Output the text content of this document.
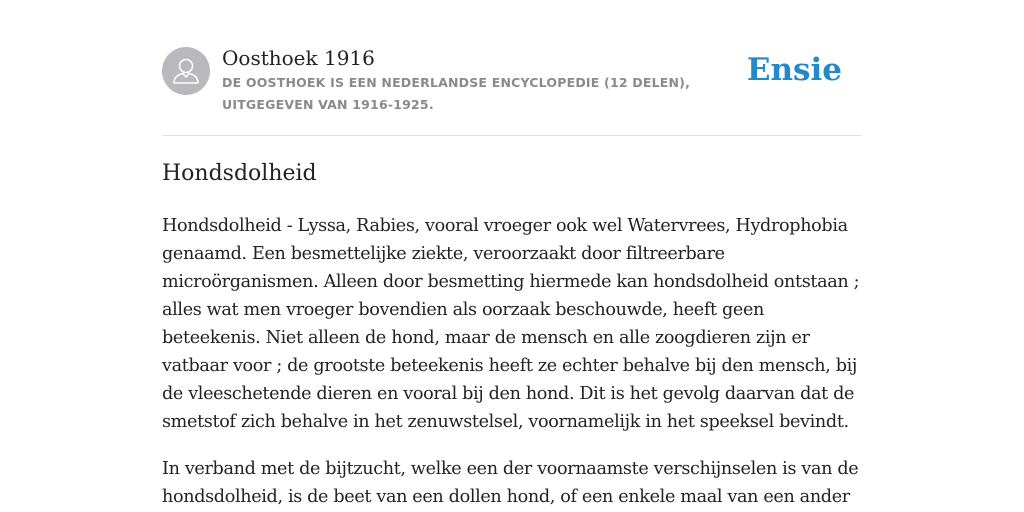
Oosthoek 1916
DE OOSTHOEK IS EEN NEDERLANDSE ENCYCLOPEDIE (12 DELEN), UITGEGEVEN VAN 1916-1925.
Ensie
Hondsdolheid

Hondsdolheid - Lyssa, Rabies, vooral vroeger ook wel Watervrees, Hydrophobia genaamd. Een besmettelijke ziekte, veroorzaakt door filtreerbare microörganismen. Alleen door besmetting hiermede kan hondsdolheid ontstaan ; alles wat men vroeger bovendien als oorzaak beschouwde, heeft geen beteekenis. Niet alleen de hond, maar de mensch en alle zoogdieren zijn er vatbaar voor ; de grootste beteekenis heeft ze echter behalve bij den mensch, bij de vleeschetende dieren en vooral bij den hond. Dit is het gevolg daarvan dat de smetstof zich behalve in het zenuwstelsel, voornamelijk in het speeksel bevindt.

In verband met de bijtzucht, welke een der voornaamste verschijnselen is van de hondsdolheid, is de beet van een dollen hond, of een enkele maal van een ander
